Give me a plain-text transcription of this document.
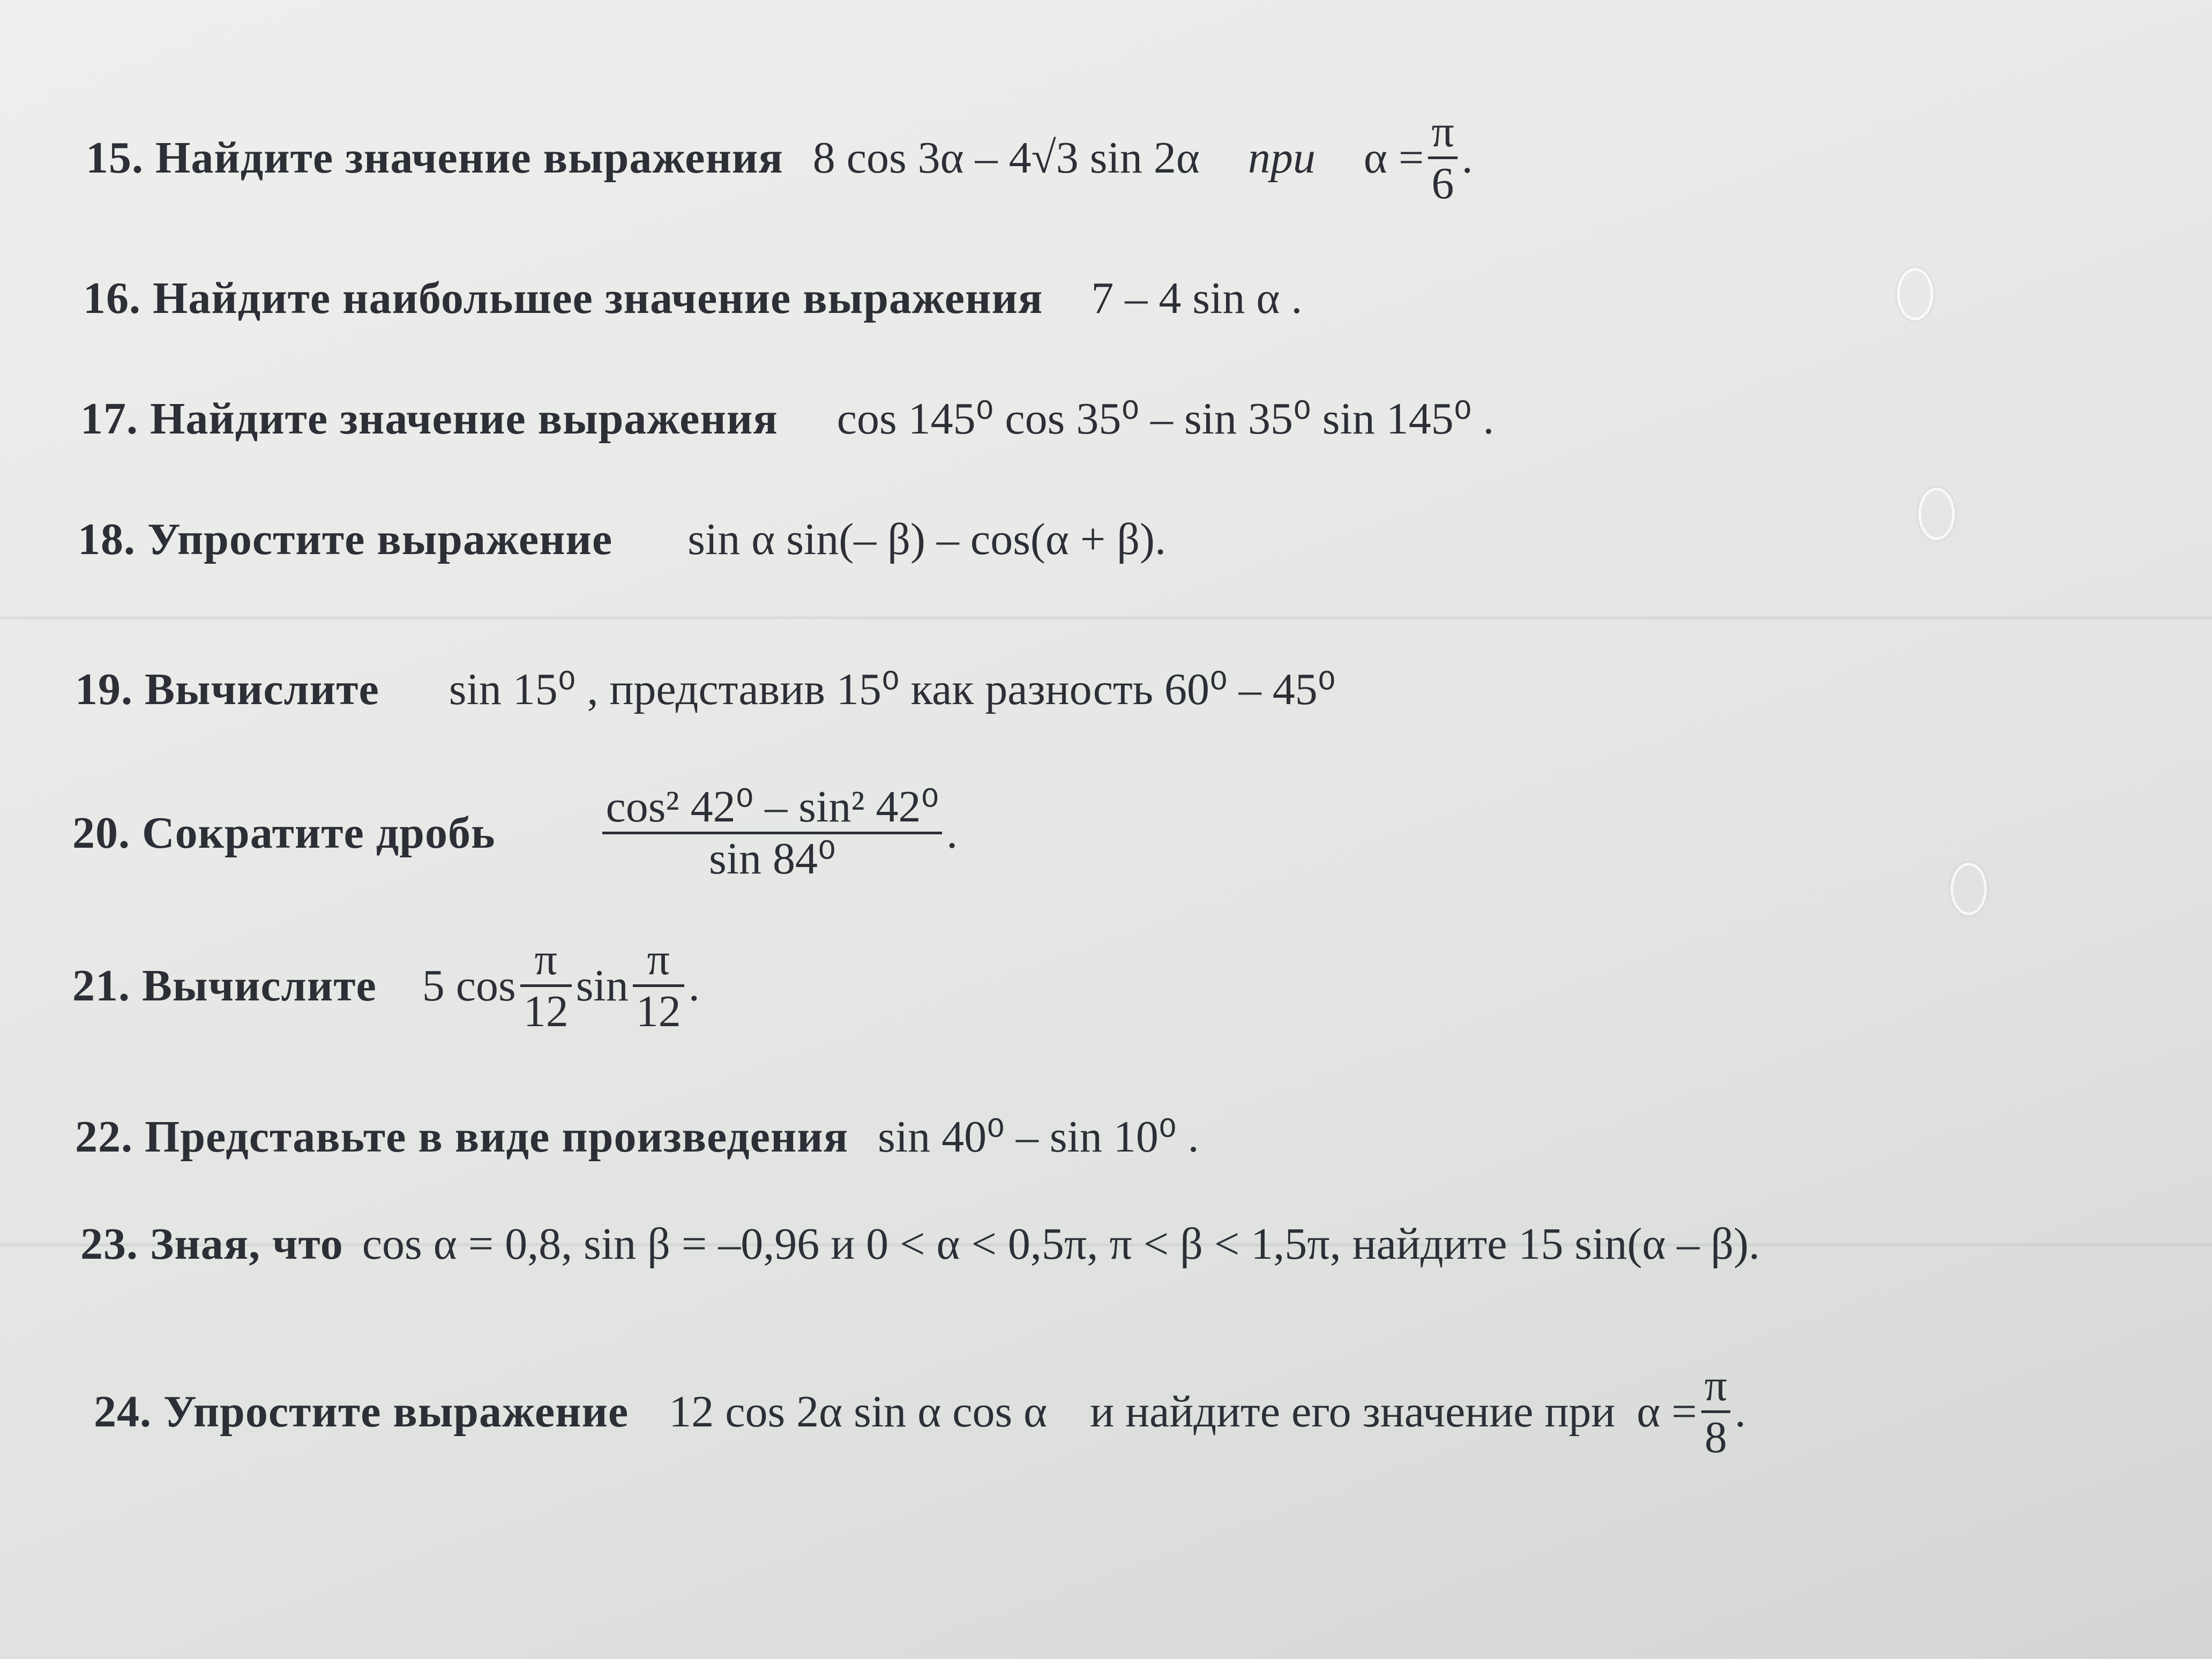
15. Найдите значение выражения 8 cos 3α – 4√3 sin 2α при α =
π
6
.
16. Найдите наибольшее значение выражения 7 – 4 sin α .
17. Найдите значение выражения cos 145⁰ cos 35⁰ – sin 35⁰ sin 145⁰ .
18. Упростите выражение sin α sin(– β) – cos(α + β).
19. Вычислите sin 15⁰ , представив 15⁰ как разность 60⁰ – 45⁰
20. Сократите дробь
cos² 42⁰ – sin² 42⁰
sin 84⁰
.
21. Вычислите 5 cos
π
12
sin
π
12
.
22. Представьте в виде произведения sin 40⁰ – sin 10⁰ .
23. Зная, что cos α = 0,8, sin β = –0,96 и 0 < α < 0,5π, π < β < 1,5π, найдите 15 sin(α – β).
24. Упростите выражение 12 cos 2α sin α cos α и найдите его значение при α =
π
8
.
